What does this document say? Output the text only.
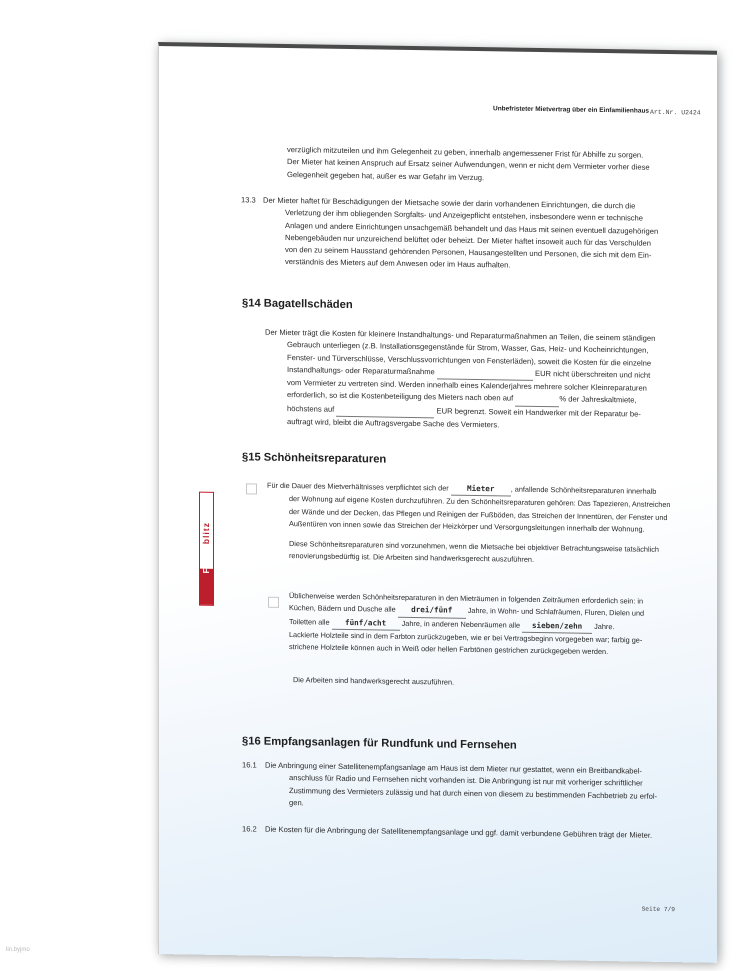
Unbefristeter Mietvertrag über ein Einfamilienhaus Art.Nr. U2424
FORMblitz
verzüglich mitzuteilen und ihm Gelegenheit zu geben, innerhalb angemessener Frist für Abhilfe zu sorgen.
Der Mieter hat keinen Anspruch auf Ersatz seiner Aufwendungen, wenn er nicht dem Vermieter vorher diese
Gelegenheit gegeben hat, außer es war Gefahr im Verzug.
13.3 Der Mieter haftet für Beschädigungen der Mietsache sowie der darin vorhandenen Einrichtungen, die durch die
Verletzung der ihm obliegenden Sorgfalts- und Anzeigepflicht entstehen, insbesondere wenn er technische
Anlagen und andere Einrichtungen unsachgemäß behandelt und das Haus mit seinen eventuell dazugehörigen
Nebengebäuden nur unzureichend belüftet oder beheizt. Der Mieter haftet insoweit auch für das Verschulden
von den zu seinem Hausstand gehörenden Personen, Hausangestellten und Personen, die sich mit dem Ein-
verständnis des Mieters auf dem Anwesen oder im Haus aufhalten.
§14 Bagatellschäden
Der Mieter trägt die Kosten für kleinere Instandhaltungs- und Reparaturmaßnahmen an Teilen, die seinem ständigen
Gebrauch unterliegen (z.B. Installationsgegenstände für Strom, Wasser, Gas, Heiz- und Kocheinrichtungen,
Fenster- und Türverschlüsse, Verschlussvorrichtungen von Fensterläden), soweit die Kosten für die einzelne
Instandhaltungs- oder Reparaturmaßnahme	EUR nicht überschreiten und nicht
vom Vermieter zu vertreten sind. Werden innerhalb eines Kalenderjahres mehrere solcher Kleinreparaturen
erforderlich, so ist die Kostenbeteiligung des Mieters nach oben auf	% der Jahreskaltmiete,
höchstens auf	EUR begrenzt. Soweit ein Handwerker mit der Reparatur be-
auftragt wird, bleibt die Auftragsvergabe Sache des Vermieters.
§15 Schönheitsreparaturen
Für die Dauer des Mietverhältnisses verpflichtet sich der Mieter , anfallende Schönheitsreparaturen innerhalb
der Wohnung auf eigene Kosten durchzuführen. Zu den Schönheitsreparaturen gehören: Das Tapezieren, Anstreichen
der Wände und der Decken, das Pflegen und Reinigen der Fußböden, das Streichen der Innentüren, der Fenster und
Außentüren von innen sowie das Streichen der Heizkörper und Versorgungsleitungen innerhalb der Wohnung.
Diese Schönheitsreparaturen sind vorzunehmen, wenn die Mietsache bei objektiver Betrachtungsweise tatsächlich
renovierungsbedürftig ist. Die Arbeiten sind handwerksgerecht auszuführen.
Üblicherweise werden Schönheitsreparaturen in den Mieträumen in folgenden Zeiträumen erforderlich sein: in
Küchen, Bädern und Dusche alle drei/fünf Jahre, in Wohn- und Schlafräumen, Fluren, Dielen und
Toiletten alle fünf/acht Jahre, in anderen Nebenräumen alle sieben/zehn Jahre.
Lackierte Holzteile sind in dem Farbton zurückzugeben, wie er bei Vertragsbeginn vorgegeben war; farbig ge-
strichene Holzteile können auch in Weiß oder hellen Farbtönen gestrichen zurückgegeben werden.
Die Arbeiten sind handwerksgerecht auszuführen.
§16 Empfangsanlagen für Rundfunk und Fernsehen
16.1 Die Anbringung einer Satellitenempfangsanlage am Haus ist dem Mieter nur gestattet, wenn ein Breitbandkabel-
anschluss für Radio und Fernsehen nicht vorhanden ist. Die Anbringung ist nur mit vorheriger schriftlicher
Zustimmung des Vermieters zulässig und hat durch einen von diesem zu bestimmenden Fachbetrieb zu erfol-
gen.
16.2 Die Kosten für die Anbringung der Satellitenempfangsanlage und ggf. damit verbundene Gebühren trägt der Mieter.
Seite 7/9
lin.byjmo
